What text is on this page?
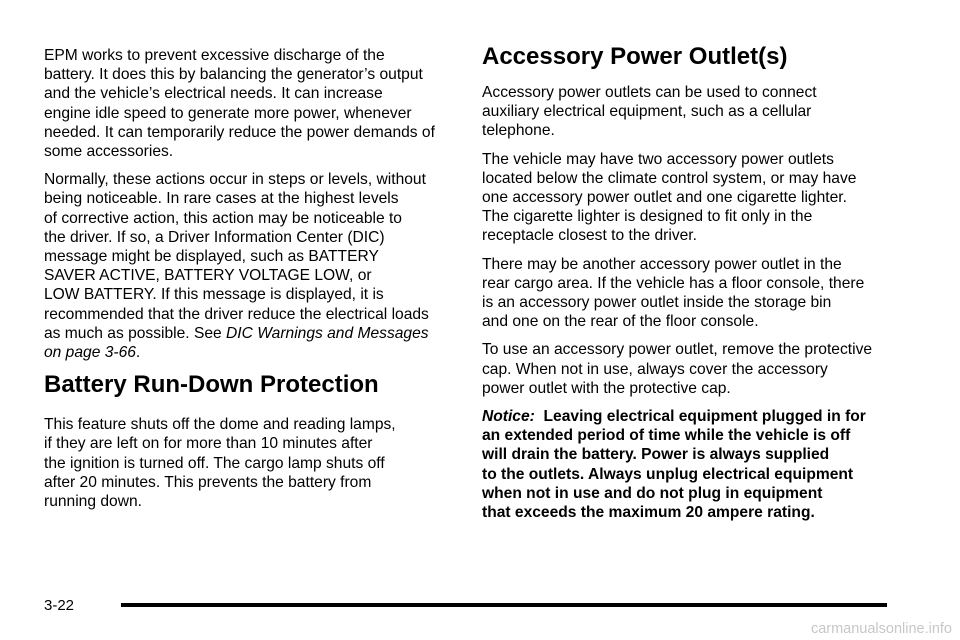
EPM works to prevent excessive discharge of the
battery. It does this by balancing the generator’s output
and the vehicle’s electrical needs. It can increase
engine idle speed to generate more power, whenever
needed. It can temporarily reduce the power demands of
some accessories.

Normally, these actions occur in steps or levels, without
being noticeable. In rare cases at the highest levels
of corrective action, this action may be noticeable to
the driver. If so, a Driver Information Center (DIC)
message might be displayed, such as BATTERY
SAVER ACTIVE, BATTERY VOLTAGE LOW, or
LOW BATTERY. If this message is displayed, it is
recommended that the driver reduce the electrical loads
as much as possible. See DIC Warnings and Messages
on page 3-66.

Battery Run-Down Protection

This feature shuts off the dome and reading lamps,
if they are left on for more than 10 minutes after
the ignition is turned off. The cargo lamp shuts off
after 20 minutes. This prevents the battery from
running down.

Accessory Power Outlet(s)

Accessory power outlets can be used to connect
auxiliary electrical equipment, such as a cellular
telephone.

The vehicle may have two accessory power outlets
located below the climate control system, or may have
one accessory power outlet and one cigarette lighter.
The cigarette lighter is designed to fit only in the
receptacle closest to the driver.

There may be another accessory power outlet in the
rear cargo area. If the vehicle has a floor console, there
is an accessory power outlet inside the storage bin
and one on the rear of the floor console.

To use an accessory power outlet, remove the protective
cap. When not in use, always cover the accessory
power outlet with the protective cap.

Notice: Leaving electrical equipment plugged in for
an extended period of time while the vehicle is off
will drain the battery. Power is always supplied
to the outlets. Always unplug electrical equipment
when not in use and do not plug in equipment
that exceeds the maximum 20 ampere rating.

3-22
carmanualsonline.info
